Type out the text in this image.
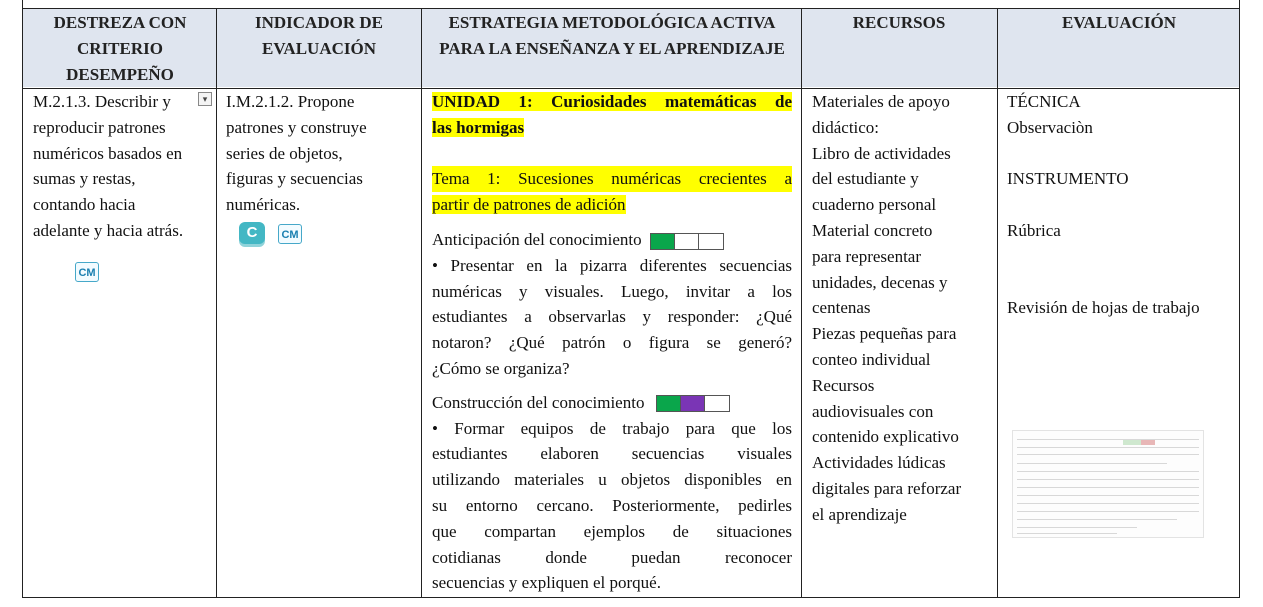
DESTREZA CON CRITERIO DESEMPEÑO
INDICADOR DE EVALUACIÓN
ESTRATEGIA METODOLÓGICA ACTIVA PARA LA ENSEÑANZA Y EL APRENDIZAJE
RECURSOS	EVALUACIÓN
M.2.1.3. Describir y
reproducir patrones
numéricos basados en
sumas y restas,
contando hacia
adelante y hacia atrás.
▾
CM
I.M.2.1.2. Propone
patrones y construye
series de objetos,
figuras y secuencias
numéricas.
C	CM
UNIDAD 1: Curiosidades matemáticas de
las hormigas
Tema 1: Sucesiones numéricas crecientes a
partir de patrones de adición
Anticipación del conocimiento
• Presentar en la pizarra diferentes secuencias
numéricas y visuales. Luego, invitar a los
estudiantes a observarlas y responder: ¿Qué
notaron? ¿Qué patrón o figura se generó?
¿Cómo se organiza?
Construcción del conocimiento
• Formar equipos de trabajo para que los
estudiantes elaboren secuencias visuales
utilizando materiales u objetos disponibles en
su entorno cercano. Posteriormente, pedirles
que compartan ejemplos de situaciones
cotidianas donde puedan reconocer
secuencias y expliquen el porqué.
Materiales de apoyo
didáctico:
Libro de actividades
del estudiante y
cuaderno personal
Material concreto
para representar
unidades, decenas y
centenas
Piezas pequeñas para
conteo individual
Recursos
audiovisuales con
contenido explicativo
Actividades lúdicas
digitales para reforzar
el aprendizaje
TÉCNICA
Observaciòn
INSTRUMENTO
Rúbrica
Revisión de hojas de trabajo
